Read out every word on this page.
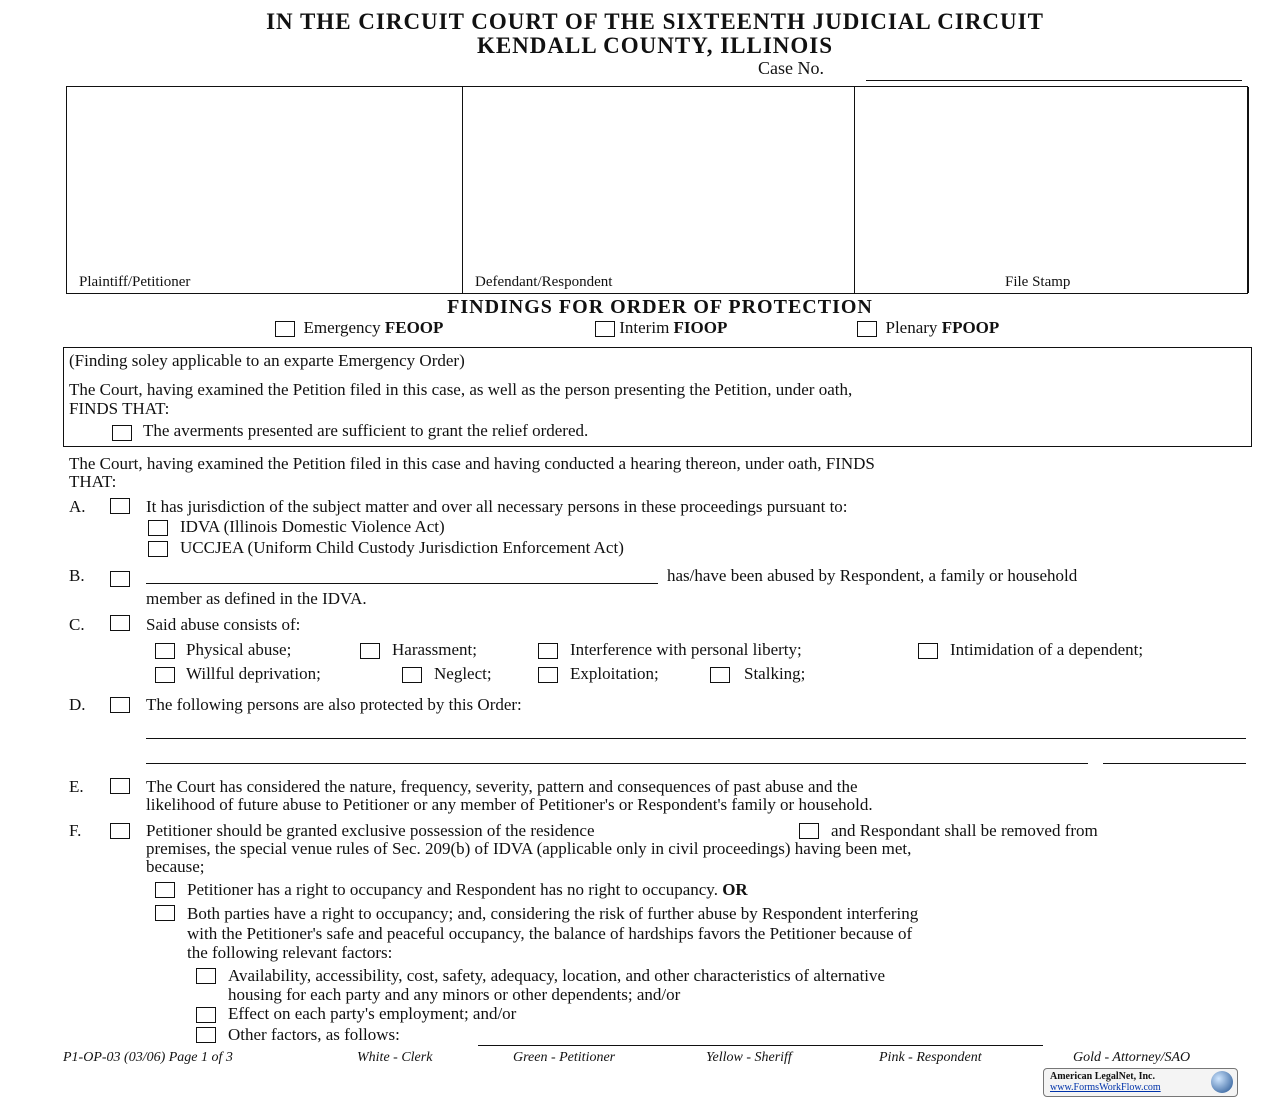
IN THE CIRCUIT COURT OF THE SIXTEENTH JUDICIAL CIRCUIT
KENDALL COUNTY, ILLINOIS
Case No.
Plaintiff/Petitioner	Defendant/Respondent	File Stamp
FINDINGS FOR ORDER OF PROTECTION
Emergency FEOOP	Interim FIOOP	Plenary FPOOP
(Finding soley applicable to an exparte Emergency Order)
The Court, having examined the Petition filed in this case, as well as the person presenting the Petition, under oath,
FINDS THAT:
The averments presented are sufficient to grant the relief ordered.
The Court, having examined the Petition filed in this case and having conducted a hearing thereon, under oath, FINDS
THAT:
A.	It has jurisdiction of the subject matter and over all necessary persons in these proceedings pursuant to:
IDVA (Illinois Domestic Violence Act)
UCCJEA (Uniform Child Custody Jurisdiction Enforcement Act)
B.	has/have been abused by Respondent, a family or household
member as defined in the IDVA.
C.	Said abuse consists of:
Physical abuse;	Harassment;	Interference with personal liberty;	Intimidation of a dependent;
Willful deprivation;	Neglect;	Exploitation;	Stalking;
D.	The following persons are also protected by this Order:
E.	The Court has considered the nature, frequency, severity, pattern and consequences of past abuse and the
likelihood of future abuse to Petitioner or any member of Petitioner's or Respondent's family or household.
F.	Petitioner should be granted exclusive possession of the residence	and Respondant shall be removed from
premises, the special venue rules of Sec. 209(b) of IDVA (applicable only in civil proceedings) having been met,
because;
Petitioner has a right to occupancy and Respondent has no right to occupancy. OR
Both parties have a right to occupancy; and, considering the risk of further abuse by Respondent interfering
with the Petitioner's safe and peaceful occupancy, the balance of hardships favors the Petitioner because of
the following relevant factors:
Availability, accessibility, cost, safety, adequacy, location, and other characteristics of alternative
housing for each party and any minors or other dependents; and/or
Effect on each party's employment; and/or
Other factors, as follows:
P1-OP-03 (03/06) Page 1 of 3	White - Clerk	Green - Petitioner	Yellow - Sheriff	Pink - Respondent	Gold - Attorney/SAO
American LegalNet, Inc.
www.FormsWorkFlow.com
